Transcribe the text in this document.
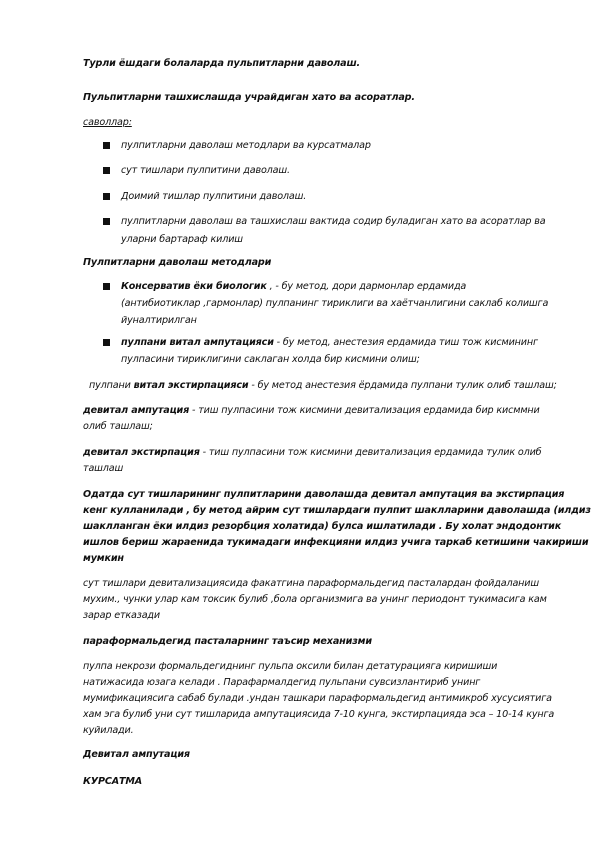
Турли ёшдаги болаларда пульпитларни даволаш.
Пульпитларни ташхислашда учрайдиган хато ва асоратлар.
саволлар:
пулпитларни даволаш методлари ва курсатмалар
сут тишлари пулпитини даволаш.
Доимий тишлар пулпитини даволаш.
пулпитларни даволаш ва ташхислаш вактида содир буладиган хато ва асоратлар ва
уларни бартараф килиш
Пулпитларни даволаш методлари
Консерватив ёки биологик , - бу метод, дори дармонлар ердамида
(антибиотиклар ,гармонлар) пулпанинг тириклиги ва хаётчанлигини саклаб колишга
йуналтирилган
пулпани витал ампутацияси - бу метод, анестезия ердамида тиш тож кисмининг
пулпасини тириклигини саклаган холда бир кисмини олиш;
пулпани витал экстирпацияси - бу метод анестезия ёрдамида пулпани тулик олиб ташлаш;
девитал ампутация - тиш пулпасини тож кисмини девитализация ердамида бир кисммни
олиб ташлаш;
девитал экстирпация - тиш пулпасини тож кисмини девитализация ердамида тулик олиб
ташлаш
Одатда сут тишларининг пулпитларини даволашда девитал ампутация ва экстирпация
кенг кулланилади , бу метод айрим сут тишлардаги пулпит шаклларини даволашда (илдиз
шаклланган ёки илдиз резорбция холатида) булса ишлатилади . Бу холат эндодонтик
ишлов бериш жараенида тукимадаги инфекцияни илдиз учига таркаб кетишини чакириши
мумкин
сут тишлари девитализациясида факатгина параформальдегид пасталардан фойдаланиш
мухим., чунки улар кам токсик булиб ,бола организмига ва унинг периодонт тукимасига кам
зарар етказади
параформальдегид пасталарнинг таъсир механизми
пулпа некрози формальдегиднинг пульпа оксили билан детатурацияга киришиши
натижасида юзага келади . Парафармалдегид пульпани сувсизлантириб унинг
мумификациясига сабаб булади .ундан ташкари параформальдегид антимикроб хусусиятига
хам эга булиб уни сут тишларида ампутацияcида 7-10 кунга, экстирпацияда эса – 10-14 кунга
куйилади.
Девитал ампутация
КУРСАТМА
